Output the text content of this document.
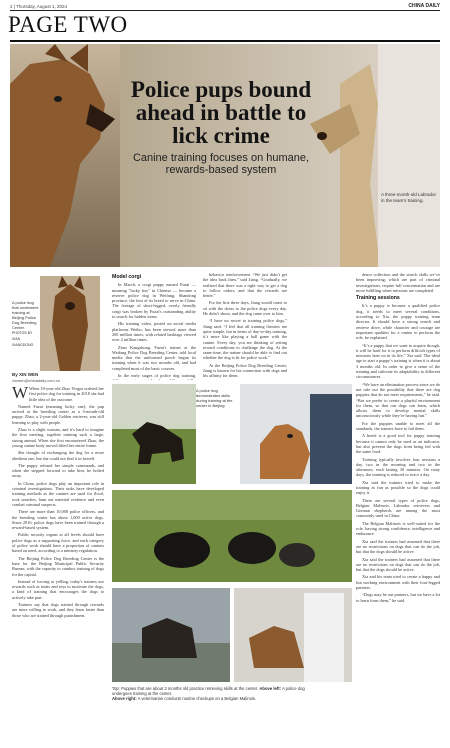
2 | Thursday, August 1, 2024	CHINA DAILY
PAGE TWO
Police pups bound ahead in battle to lick crime
Canine training focuses on humane, rewards-based system
A three-month-old Labrador in the team’s training.
A police dog that underwent training at Beijing Police Dog Breeding Center.
PHOTOS BY XIAN XIANGDONG
By XIN WEN
xinwen@chinadaily.com.cn

W When 10-year-old Zhao Yingxi ordered her first police dog for training in 2018 she had little idea of the outcome.

Named Fuzai (meaning lucky one), the pup arrived at the breeding center as a 3-month-old puppy. Zhao, a 2-year-old Golden retriever, was still learning to play with people.

Zhao is a slight woman, and it's hard to imagine the first meeting, together training such a large, strong animal. When she first encountered Zhao, the young canine body moved lifted her entire frame.

She thought of exchanging the dog for a more obedient one, but she could not find it in herself.

The puppy refused her simple commands, and when she stepped forward to take him, he bolted away.

In China, police dogs play an important role in criminal investigations. Their tasks have developed training methods as the canines are used for flood, rock searches, hunt out material evidence and even combat criminal suspects.

There are more than 10,000 police officers, and the breeding center has about 1,000 active dogs. Since 2016, police dogs have been trained through a reward-based system.

Public security organs at all levels should have police dogs as a supporting force, and each category of police work should have a proportion of canines based on need, according to a ministry regulation.

The Beijing Police Dog Breeding Center is the base for the Beijing Municipal Public Security Bureau, with the capacity to conduct training of dogs for the capital.

Instead of forcing or yelling, today's trainers use rewards such as treats and toys to motivate the dogs, a kind of training that encourages the dogs to actively take part.

Trainers say that dogs trained through rewards are more willing to work, and they learn faster than those who are trained through punishment.

Model corgi

In March, a corgi puppy named Fuzai — meaning "lucky boy" in Chinese — became a reserve police dog in Weifang, Shandong province, the first of its breed to serve in China. The footage of short-legged, overly friendly corgi was broken by Fuzai's outstanding ability to search for hidden items.

His training video, posted on social media platforms Weibo, has been viewed more than 200 million times, with related hashtags viewed over 2 million times.

Zhao Kangzhong, Fuzai's trainer at the Weifang Police Dog Breeding Center, told local media that the uniformed pooch began its training when it was two months old, and had completed most of the basic courses.

In the early stages of police dog training,

behavior reinforcement. “We just didn’t get the idea back then,” said Jiang. “Gradually, we realized that there was a right way to get a dog to follow orders, and that the rewards are better.”

For the first three days, Jiang would come to sit with the doors to the police dogs every day. He didn’t shout, and the dog came over to him.

“I have no secret to training police dogs,” Jiang said. “I feel that all training theories are quite simple, but in terms of day-to-day training, it’s more like playing a ball game with the canine. Every day, you are thinking of setting reward conditions to challenge the dog. At the same time, the trainer should be able to find out whether the dog is fit for police work.”

At the Beijing Police Dog Breeding Center, Jiang is known for his connection with dogs and his affinity for them.

dence collection and the search skills we’ve been improving, which are part of criminal investigations, require full concentration and are more fulfilling when missions are completed.

Training sessions

It’s a puppy is because a qualified police dog, it needs to meet several conditions, according to Xia, the puppy training team director. It should have a strong search and retrieve drive, while character and courage are important qualities for a canine to perform the role, he explained.

“It’s a puppy that we want to acquire though, it will be hard for it to perform difficult types of missions later on in its life,” Xia said. The ideal age to start a puppy’s training is when it is about 3 months old. In order to give a sense of the training and cultivate its adaptability to different circumstances.

“We have an elimination process since we do not rule out the possibility that there are dog puppies that do not meet requirements,” he said. “But we prefer to create a playful environment for them, so that our dogs can learn, which allows them to develop mental skills unconsciously while they’re having fun.”

For the puppies unable to meet all the standards, the trainers have to fail them.

A breed is a good tool for puppy training because it cannot only be used as an indicator, but also prevent the dogs from being fed with the same food.

Training typically involves four sessions a day, two in the morning and two in the afternoon, each lasting 30 minutes. On rainy days, the training is reduced to twice a day.

Xia said the trainers tried to make the training as fun as possible so the dogs could enjoy it.

There are several types of police dogs, Belgian Malinois, Labrador retrievers and German shepherds are among the most commonly used in China.

The Belgian Malinois is well-suited for the role, having strong confidence, intelligence and endurance.

Xia said the trainers had assumed that there are no restrictions on dogs that can do the job, but that the dogs should be active.

Xia said the trainers had assumed that there are no restrictions on dogs that can do the job, but that the dogs should be active.

Xia and his team tried to create a happy and fun working environment with their four-legged partners.

“Dogs may be our partners, but we have a lot to learn from them,” he said.

A police dog demonstrates skills during training at the center in Beijing.
Top: Puppies that are about 3 months old practice retrieving skills at the center. Above left: A police dog undergoes training at the center.
Above right: A veterinarian conducts routine checkups on a Belgian Malinois.
